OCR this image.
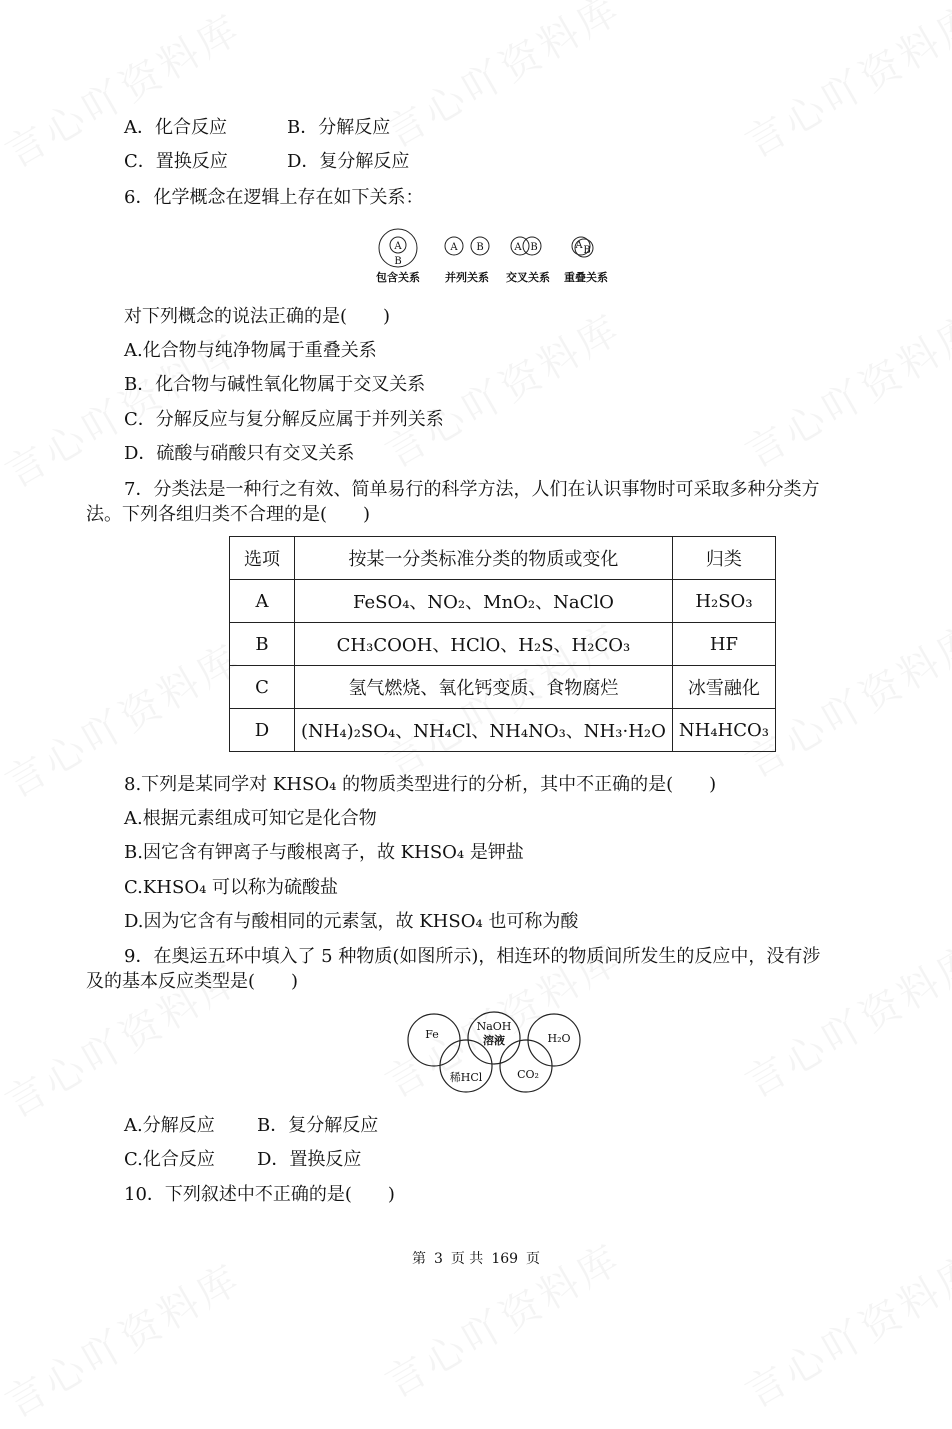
A．化合反应	B．分解反应
C．置换反应	D．复分解反应
6．化学概念在逻辑上存在如下关系：
A
B
A B	A B	A B
包含关系 并列关系 交叉关系 重叠关系
对下列概念的说法正确的是(　　)
A.化合物与纯净物属于重叠关系
B．化合物与碱性氧化物属于交叉关系
C．分解反应与复分解反应属于并列关系
D．硫酸与硝酸只有交叉关系
7．分类法是一种行之有效、简单易行的科学方法，人们在认识事物时可采取多种分类方
法。下列各组归类不合理的是(　　)
选项	按某一分类标准分类的物质或变化	归类
A	FeSO₄、NO₂、MnO₂、NaClO	H₂SO₃
B	CH₃COOH、HClO、H₂S、H₂CO₃	HF
C	氢气燃烧、氧化钙变质、食物腐烂	冰雪融化
D	(NH₄)₂SO₄、NH₄Cl、NH₄NO₃、NH₃·H₂O	NH₄HCO₃
8.下列是某同学对 KHSO₄ 的物质类型进行的分析，其中不正确的是(　　)
A.根据元素组成可知它是化合物
B.因它含有钾离子与酸根离子，故 KHSO₄ 是钾盐
C.KHSO₄ 可以称为硫酸盐
D.因为它含有与酸相同的元素氢，故 KHSO₄ 也可称为酸
9．在奥运五环中填入了 5 种物质(如图所示)，相连环的物质间所发生的反应中，没有涉
及的基本反应类型是(　　)
Fe
NaOH
溶液	H₂O
稀HCl	CO₂
A.分解反应 B．复分解反应
C.化合反应 D．置换反应
10．下列叙述中不正确的是(　　)
第 3 页 共 169 页
